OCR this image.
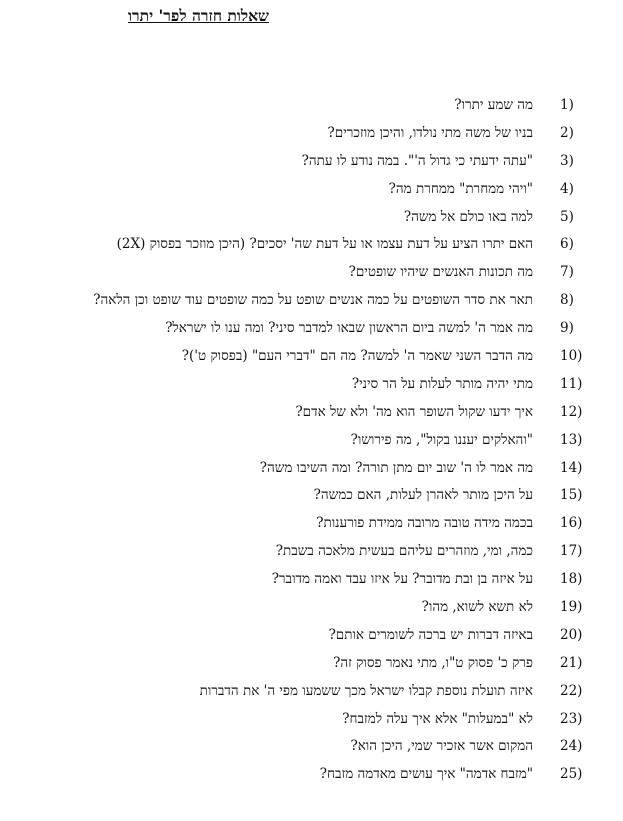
שאלות חזרה לפר' יתרו
1)
מה שמע יתרו?
2)
בניו של משה מתי נולדו, והיכן מוזכרים?
3)
"עתה ידעתי כי גדול ה'". במה נודע לו עתה?
4)
"ויהי ממחרת" ממחרת מה?
5)
למה באו כולם אל משה?
6)
האם יתרו הציע על דעת עצמו או על דעת שה' יסכים? (היכן מוזכר בפסוק (2X)
7)
מה תכונות האנשים שיהיו שופטים?
8)
תאר את סדר השופטים על כמה אנשים שופט על כמה שופטים עוד שופט וכן הלאה?
9)
מה אמר ה' למשה ביום הראשון שבאו למדבר סיני? ומה ענו לו ישראל?
10)
מה הדבר השני שאמר ה' למשה? מה הם "דברי העם" (בפסוק ט')?
11)
מתי יהיה מותר לעלות על הר סיני?
12)
איך ידעו שקול השופר הוא מה' ולא של אדם?
13)
"והאלקים יעננו בקול", מה פירושו?
14)
מה אמר לו ה' שוב יום מתן תורה? ומה השיבו משה?
15)
על היכן מותר לאהרן לעלות, האם כמשה?
16)
בכמה מידה טובה מרובה ממידת פורענות?
17)
כמה, ומי, מוזהרים עליהם בעשית מלאכה בשבת?
18)
על איזה בן ובת מדובר? על איזו עבד ואמה מדובר?
19)
לא תשא לשוא, מהו?
20)
באיזה דברות יש ברכה לשומרים אותם?
21)
פרק כ' פסוק ט"ו, מתי נאמר פסוק זה?
22)
איזה תועלת נוספת קבלו ישראל מכך ששמעו מפי ה' את הדברות
23)
לא "במעלות" אלא איך עלה למזבח?
24)
המקום אשר אזכיר שמי, היכן הוא?
25)
"מזבח אדמה" איך עושים מאדמה מזבח?
